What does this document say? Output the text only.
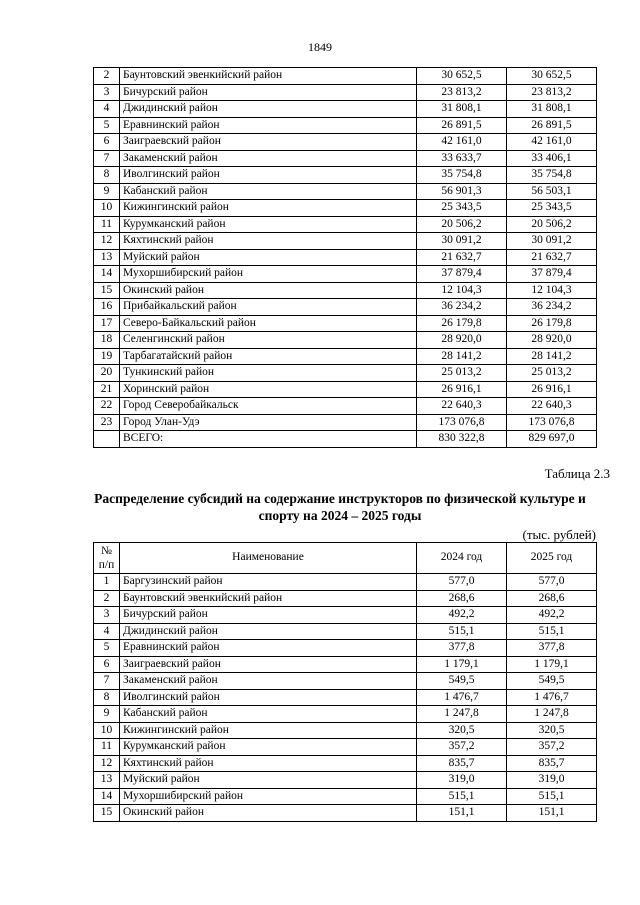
1849
2	Баунтовский эвенкийский район	30 652,5	30 652,5
3	Бичурский район	23 813,2	23 813,2
4	Джидинский район	31 808,1	31 808,1
5	Еравнинский район	26 891,5	26 891,5
6	Заиграевский район	42 161,0	42 161,0
7	Закаменский район	33 633,7	33 406,1
8	Иволгинский район	35 754,8	35 754,8
9	Кабанский район	56 901,3	56 503,1
10	Кижингинский район	25 343,5	25 343,5
11	Курумканский район	20 506,2	20 506,2
12	Кяхтинский район	30 091,2	30 091,2
13	Муйский район	21 632,7	21 632,7
14	Мухоршибирский район	37 879,4	37 879,4
15	Окинский район	12 104,3	12 104,3
16	Прибайкальский район	36 234,2	36 234,2
17	Северо-Байкальский район	26 179,8	26 179,8
18	Селенгинский район	28 920,0	28 920,0
19	Тарбагатайский район	28 141,2	28 141,2
20	Тункинский район	25 013,2	25 013,2
21	Хоринский район	26 916,1	26 916,1
22	Город Северобайкальск	22 640,3	22 640,3
23	Город Улан-Удэ	173 076,8	173 076,8
	ВСЕГО:	830 322,8	829 697,0
Таблица 2.3
Распределение субсидий на содержание инструкторов по физической культуре и спорту на 2024 – 2025 годы
(тыс. рублей)
№ п/п	Наименование	2024 год	2025 год
1	Баргузинский район	577,0	577,0
2	Баунтовский эвенкийский район	268,6	268,6
3	Бичурский район	492,2	492,2
4	Джидинский район	515,1	515,1
5	Еравнинский район	377,8	377,8
6	Заиграевский район	1 179,1	1 179,1
7	Закаменский район	549,5	549,5
8	Иволгинский район	1 476,7	1 476,7
9	Кабанский район	1 247,8	1 247,8
10	Кижингинский район	320,5	320,5
11	Курумканский район	357,2	357,2
12	Кяхтинский район	835,7	835,7
13	Муйский район	319,0	319,0
14	Мухоршибирский район	515,1	515,1
15	Окинский район	151,1	151,1
